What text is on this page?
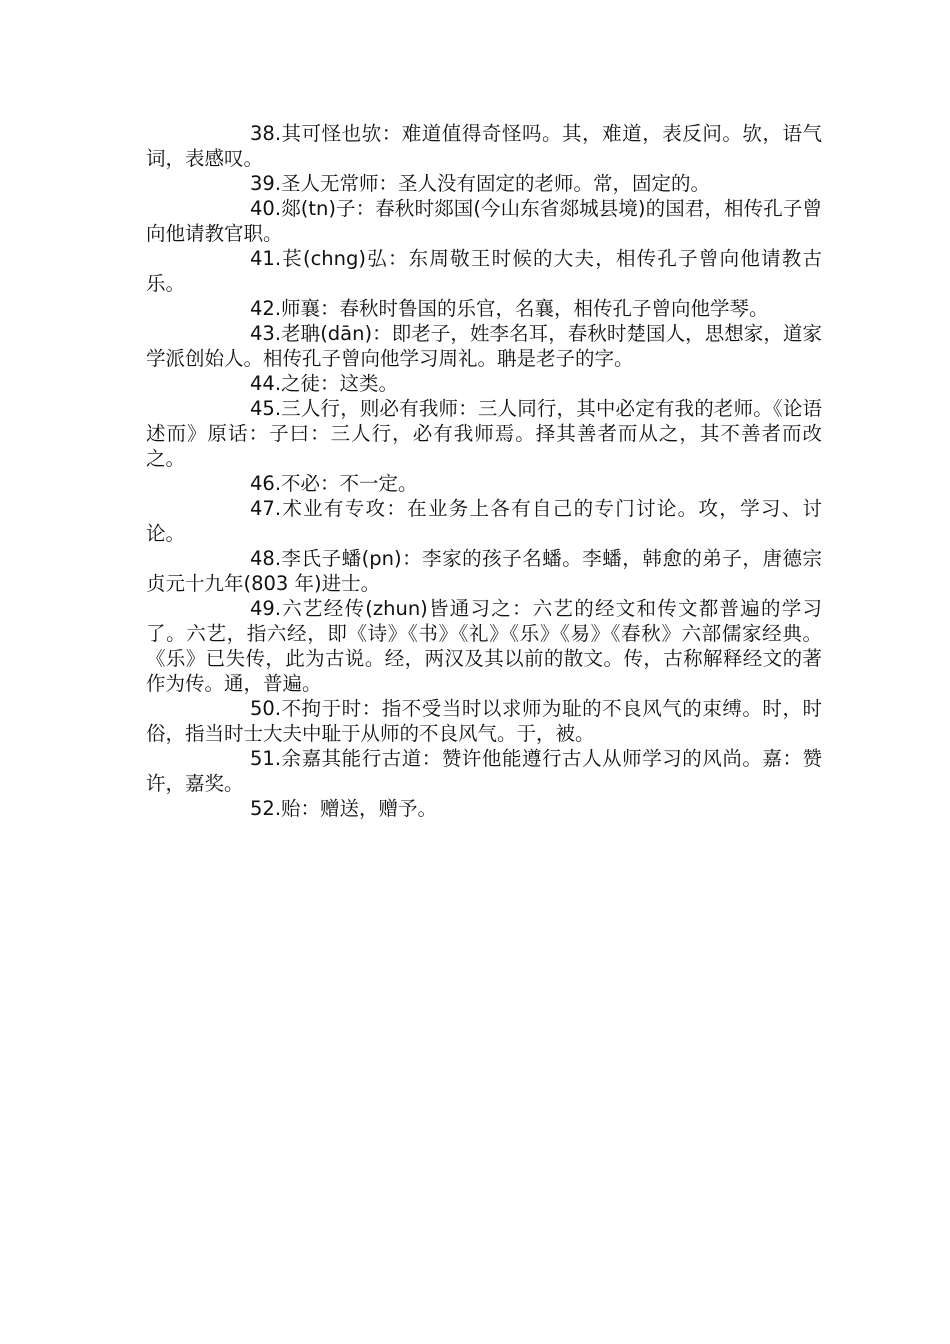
38.其可怪也欤：难道值得奇怪吗。其，难道，表反问。欤，语气词，表感叹。

39.圣人无常师：圣人没有固定的老师。常，固定的。

40.郯(tn)子：春秋时郯国(今山东省郯城县境)的国君，相传孔子曾向他请教官职。

41.苌(chng)弘：东周敬王时候的大夫，相传孔子曾向他请教古乐。

42.师襄：春秋时鲁国的乐官，名襄，相传孔子曾向他学琴。

43.老聃(dān)：即老子，姓李名耳，春秋时楚国人，思想家，道家学派创始人。相传孔子曾向他学习周礼。聃是老子的字。

44.之徒：这类。

45.三人行，则必有我师：三人同行，其中必定有我的老师。《论语述而》原话：子曰：三人行，必有我师焉。择其善者而从之，其不善者而改之。

46.不必：不一定。

47.术业有专攻：在业务上各有自己的专门讨论。攻，学习、讨论。

48.李氏子蟠(pn)：李家的孩子名蟠。李蟠，韩愈的弟子，唐德宗贞元十九年(803 年)进士。

49.六艺经传(zhun)皆通习之：六艺的经文和传文都普遍的学习了。六艺，指六经，即《诗》《书》《礼》《乐》《易》《春秋》六部儒家经典。《乐》已失传，此为古说。经，两汉及其以前的散文。传，古称解释经文的著作为传。通，普遍。

50.不拘于时：指不受当时以求师为耻的不良风气的束缚。时，时俗，指当时士大夫中耻于从师的不良风气。于，被。

51.余嘉其能行古道：赞许他能遵行古人从师学习的风尚。嘉：赞许，嘉奖。

52.贻：赠送，赠予。
